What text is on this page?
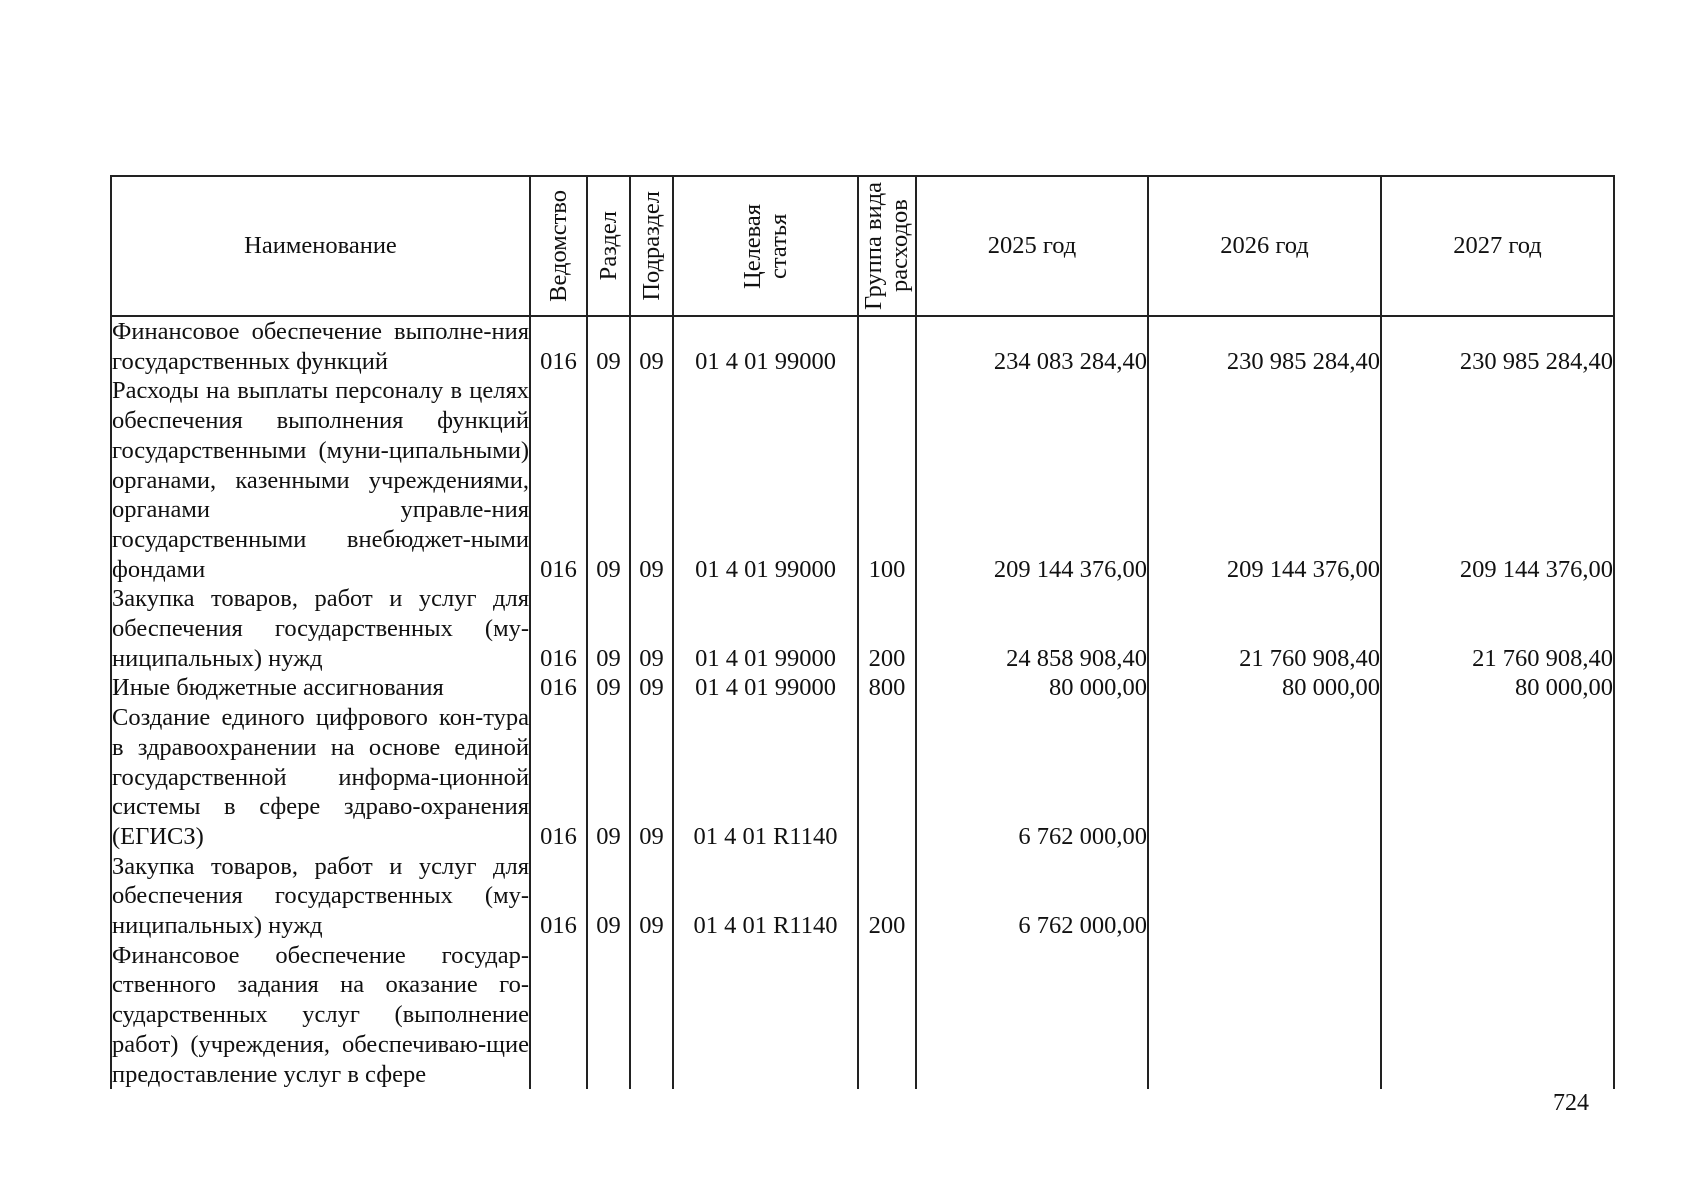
Наименование	Ведомство	Раздел	Подраздел	Целевая статья	Группа вида расходов	2025 год	2026 год	2027 год
Финансовое обеспечение выполне-ния государственных функций	016	09	09	01 4 01 99000		234 083 284,40	230 985 284,40	230 985 284,40
Расходы на выплаты персоналу в целях обеспечения выполнения функций государственными (муни-ципальными) органами, казенными учреждениями, органами управле-ния государственными внебюджет-ными фондами	016	09	09	01 4 01 99000	100	209 144 376,00	209 144 376,00	209 144 376,00
Закупка товаров, работ и услуг для обеспечения государственных (му-ниципальных) нужд	016	09	09	01 4 01 99000	200	24 858 908,40	21 760 908,40	21 760 908,40
Иные бюджетные ассигнования	016	09	09	01 4 01 99000	800	80 000,00	80 000,00	80 000,00
Создание единого цифрового кон-тура в здравоохранении на основе единой государственной информа-ционной системы в сфере здраво-охранения (ЕГИСЗ)	016	09	09	01 4 01 R1140		6 762 000,00		
Закупка товаров, работ и услуг для обеспечения государственных (му-ниципальных) нужд	016	09	09	01 4 01 R1140	200	6 762 000,00		
Финансовое обеспечение государ-ственного задания на оказание го-сударственных услуг (выполнение работ) (учреждения, обеспечиваю-щие предоставление услуг в сфере								
724
